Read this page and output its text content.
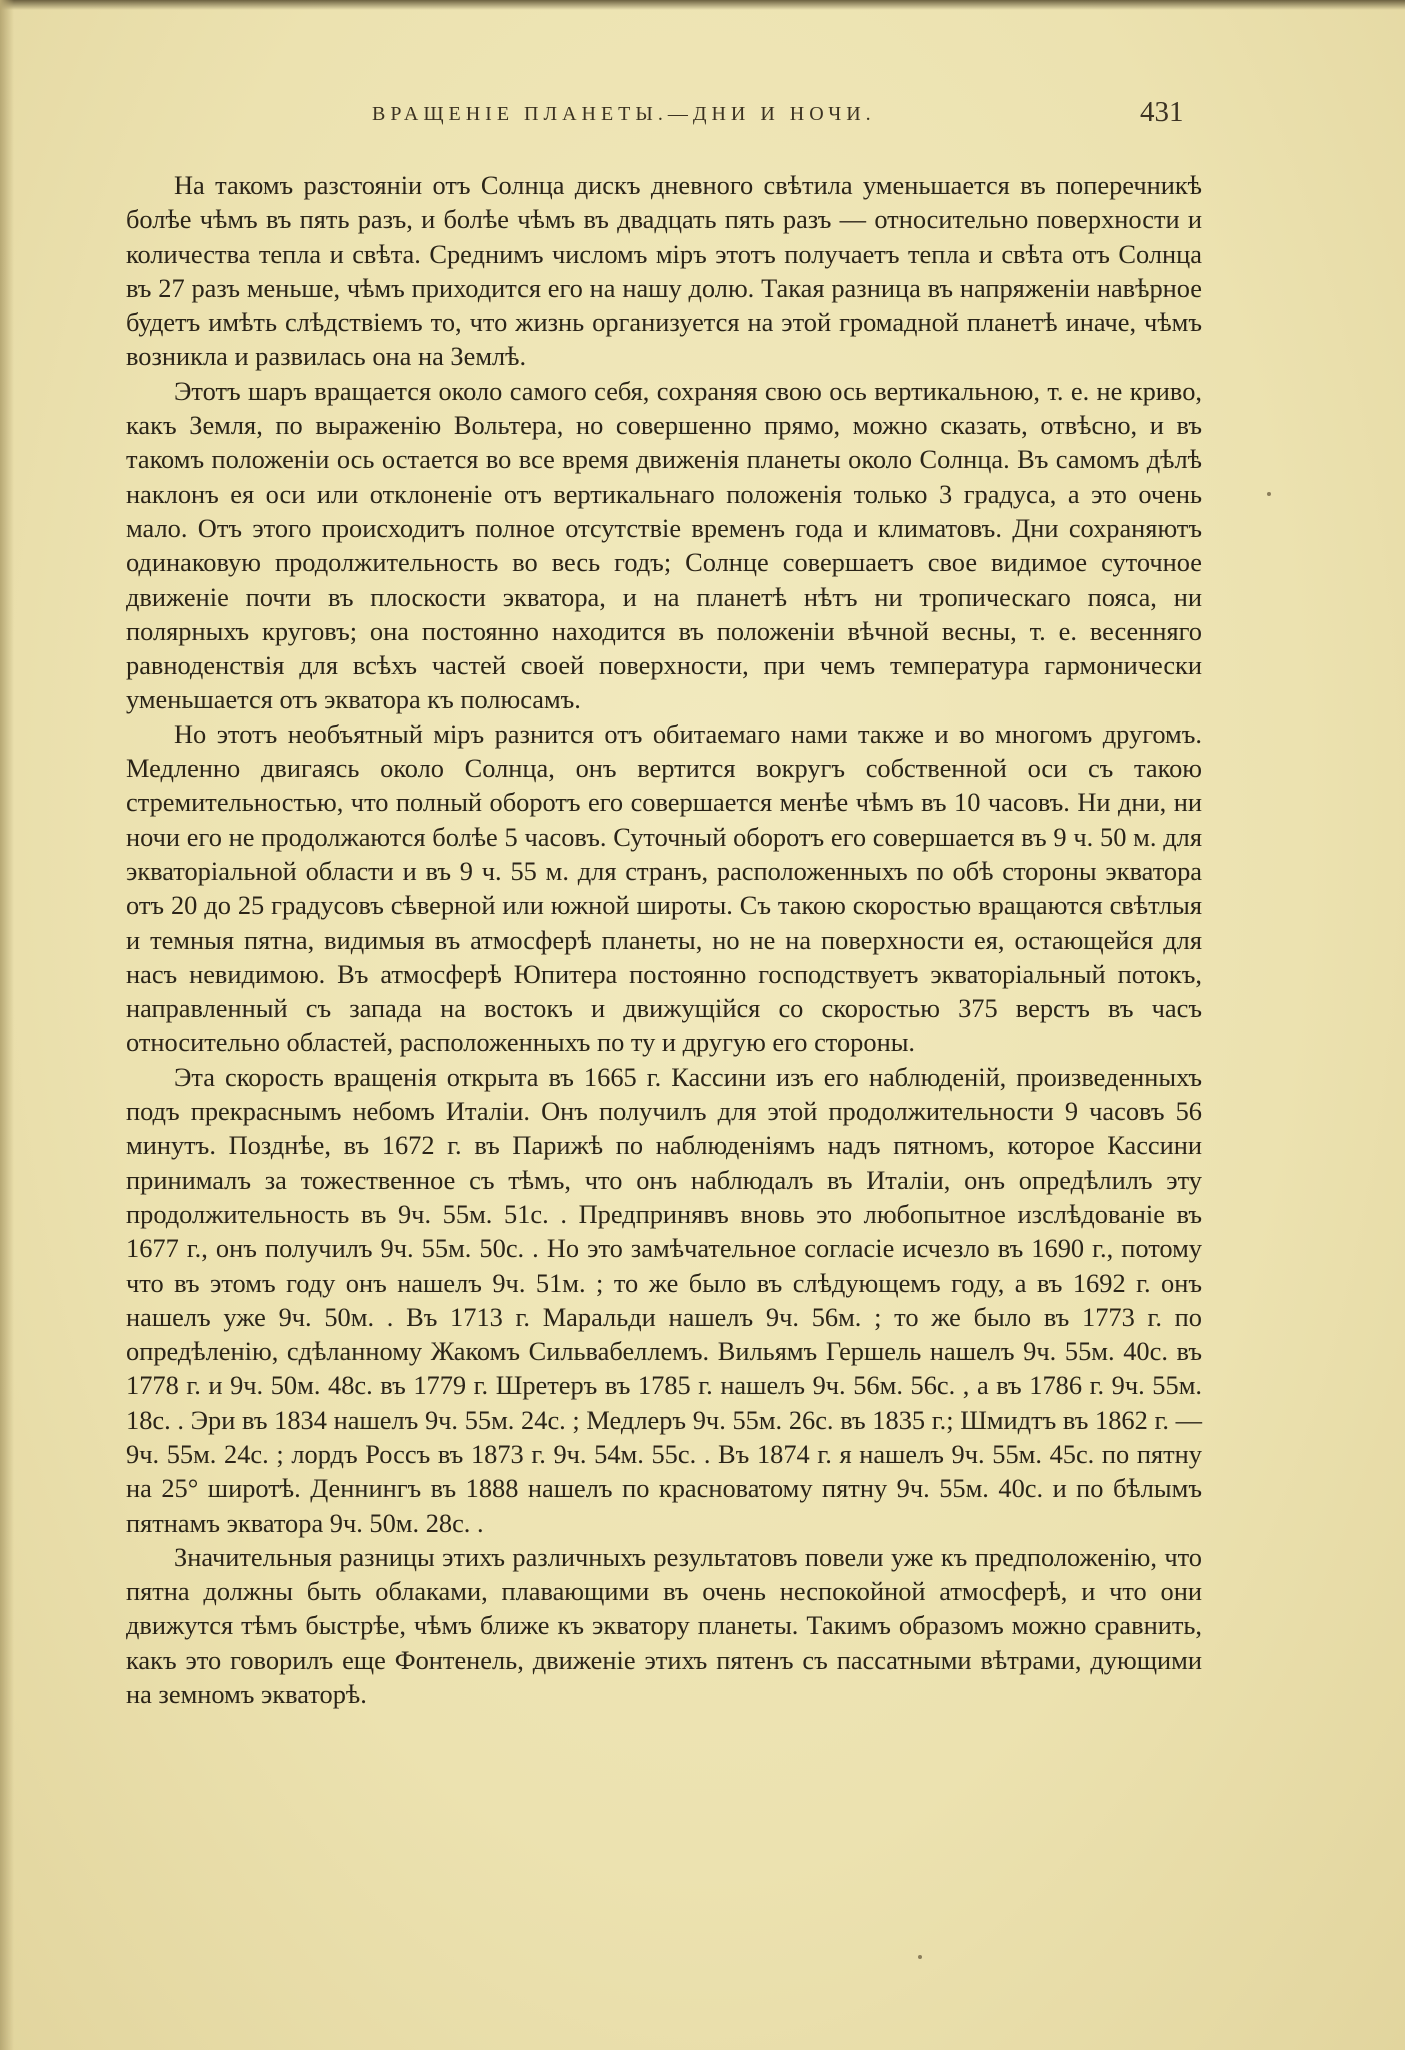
ВРАЩЕНІЕ ПЛАНЕТЫ.—ДНИ И НОЧИ.	431

На такомъ разстояніи отъ Солнца дискъ дневного свѣтила уменьшается въ поперечникѣ болѣе чѣмъ въ пять разъ, и болѣе чѣмъ въ двадцать пять разъ — относительно поверхности и количества тепла и свѣта. Среднимъ числомъ міръ этотъ получаетъ тепла и свѣта отъ Солнца въ 27 разъ меньше, чѣмъ приходится его на нашу долю. Такая разница въ напряженіи навѣрное будетъ имѣть слѣдствіемъ то, что жизнь организуется на этой громадной планетѣ иначе, чѣмъ возникла и развилась она на Землѣ.

Этотъ шаръ вращается около самого себя, сохраняя свою ось вертикальною, т. е. не криво, какъ Земля, по выраженію Вольтера, но совершенно прямо, можно сказать, отвѣсно, и въ такомъ положеніи ось остается во все время движенія планеты около Солнца. Въ самомъ дѣлѣ наклонъ ея оси или отклоненіе отъ вертикальнаго положенія только 3 градуса, а это очень мало. Отъ этого происходитъ полное отсутствіе временъ года и климатовъ. Дни сохраняютъ одинаковую продолжительность во весь годъ; Солнце совершаетъ свое видимое суточное движеніе почти въ плоскости экватора, и на планетѣ нѣтъ ни тропическаго пояса, ни полярныхъ круговъ; она постоянно находится въ положеніи вѣчной весны, т. е. весенняго равноденствія для всѣхъ частей своей поверхности, при чемъ температура гармонически уменьшается отъ экватора къ полюсамъ.

Но этотъ необъятный міръ разнится отъ обитаемаго нами также и во многомъ другомъ. Медленно двигаясь около Солнца, онъ вертится вокругъ собственной оси съ такою стремительностью, что полный оборотъ его совершается менѣе чѣмъ въ 10 часовъ. Ни дни, ни ночи его не продолжаются болѣе 5 часовъ. Суточный оборотъ его совершается въ 9 ч. 50 м. для экваторіальной области и въ 9 ч. 55 м. для странъ, расположенныхъ по обѣ стороны экватора отъ 20 до 25 градусовъ сѣверной или южной широты. Съ такою скоростью вращаются свѣтлыя и темныя пятна, видимыя въ атмосферѣ планеты, но не на поверхности ея, остающейся для насъ невидимою. Въ атмосферѣ Юпитера постоянно господствуетъ экваторіальный потокъ, направленный съ запада на востокъ и движущійся со скоростью 375 верстъ въ часъ относительно областей, расположенныхъ по ту и другую его стороны.

Эта скорость вращенія открыта въ 1665 г. Кассини изъ его наблюденій, произведенныхъ подъ прекраснымъ небомъ Италіи. Онъ получилъ для этой продолжительности 9 часовъ 56 минутъ. Позднѣе, въ 1672 г. въ Парижѣ по наблюденіямъ надъ пятномъ, которое Кассини принималъ за тожественное съ тѣмъ, что онъ наблюдалъ въ Италіи, онъ опредѣлилъ эту продолжительность въ 9ч. 55м. 51с. . Предпринявъ вновь это любопытное изслѣдованіе въ 1677 г., онъ получилъ 9ч. 55м. 50с. . Но это замѣчательное согласіе исчезло въ 1690 г., потому что въ этомъ году онъ нашелъ 9ч. 51м. ; то же было въ слѣдующемъ году, а въ 1692 г. онъ нашелъ уже 9ч. 50м. . Въ 1713 г. Маральди нашелъ 9ч. 56м. ; то же было въ 1773 г. по опредѣленію, сдѣланному Жакомъ Сильвабеллемъ. Вильямъ Гершель нашелъ 9ч. 55м. 40с. въ 1778 г. и 9ч. 50м. 48с. въ 1779 г. Шретеръ въ 1785 г. нашелъ 9ч. 56м. 56с. , а въ 1786 г. 9ч. 55м. 18с. . Эри въ 1834 нашелъ 9ч. 55м. 24с. ; Медлеръ 9ч. 55м. 26с. въ 1835 г.; Шмидтъ въ 1862 г. — 9ч. 55м. 24с. ; лордъ Россъ въ 1873 г. 9ч. 54м. 55с. . Въ 1874 г. я нашелъ 9ч. 55м. 45с. по пятну на 25° широтѣ. Деннингъ въ 1888 нашелъ по красноватому пятну 9ч. 55м. 40с. и по бѣлымъ пятнамъ экватора 9ч. 50м. 28с. .

Значительныя разницы этихъ различныхъ результатовъ повели уже къ предположенію, что пятна должны быть облаками, плавающими въ очень неспокойной атмосферѣ, и что они движутся тѣмъ быстрѣе, чѣмъ ближе къ экватору планеты. Такимъ образомъ можно сравнить, какъ это говорилъ еще Фонтенель, движеніе этихъ пятенъ съ пассатными вѣтрами, дующими на земномъ экваторѣ.
